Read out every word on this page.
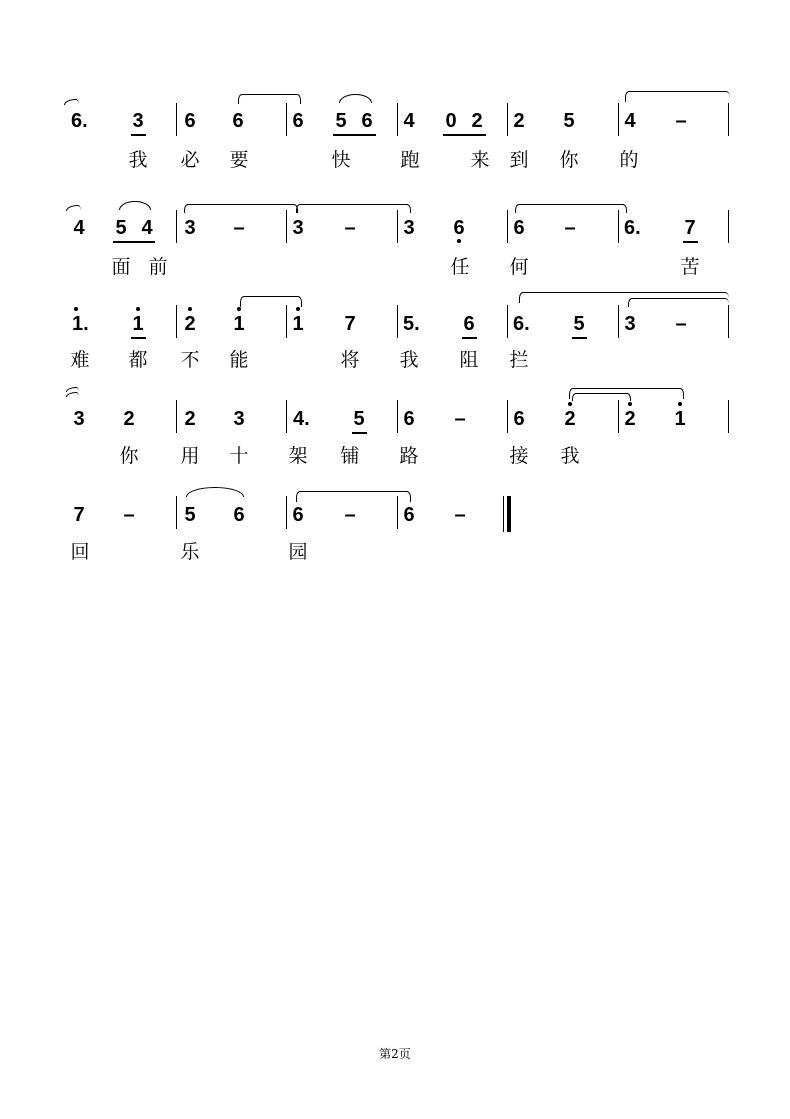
6. 3 6 6 6 5 6 4 0 2 2 5 4 –
我 必 要	快	跑	来 到 你 的
4 5 4 3 – 3 – 3 6 6 – 6. 7
面 前	任 何	苦
1. 1 2 1 1 7 5. 6 6. 5 3 –
难 都 不 能	将 我 阻 拦
3 2 2 3 4. 5 6 – 6 2 2 1
你 用 十 架 铺 路	接 我
7 – 5 6 6 – 6 –
回	乐	园
第2页
